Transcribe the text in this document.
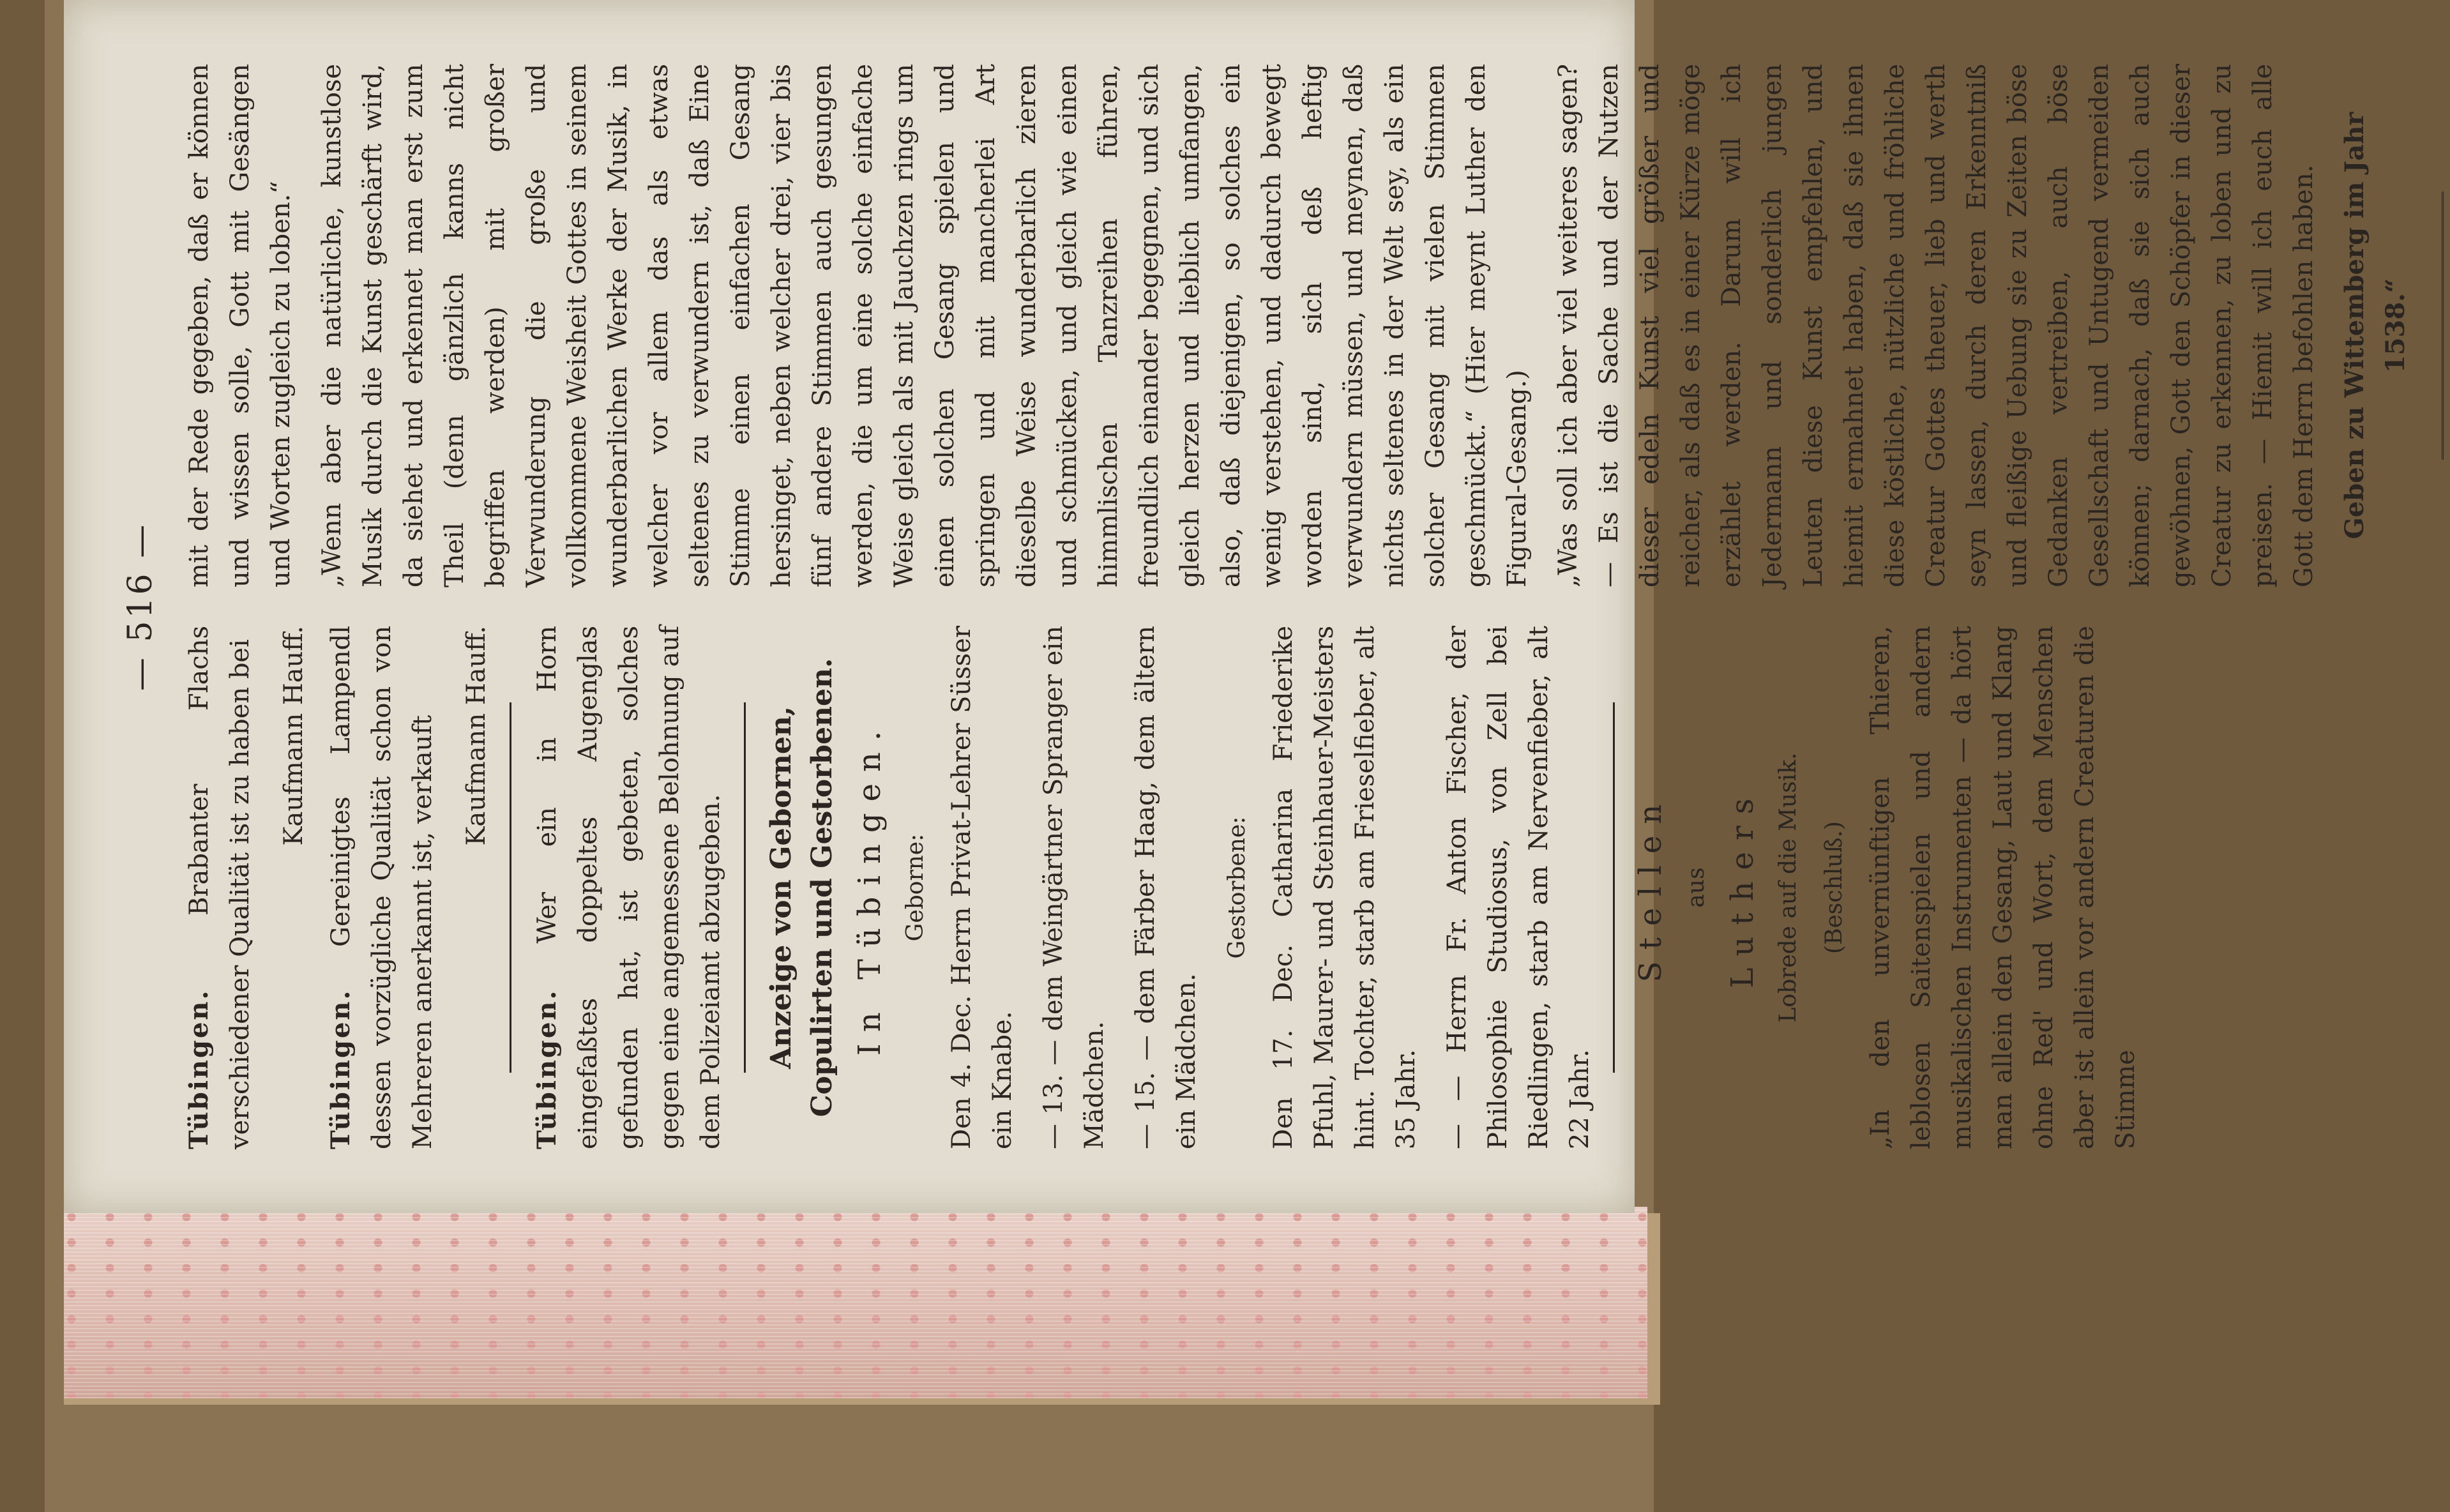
— 516 —

Tübingen. Brabanter Flachs verschiedener Qualität ist zu haben bei Kaufmann Hauff.

Tübingen. Gereinigtes Lampendl dessen vorzügliche Qualität schon von Mehreren anerkannt ist, verkauft Kaufmann Hauff.

Tübingen. Wer ein in Horn eingefaßtes doppeltes Augenglas gefunden hat, ist gebeten, solches gegen eine angemessene Belohnung auf dem Polizeiamt abzugeben. Anzeige von Gebornen, Copulirten und Gestorbenen. In Tübingen. Geborne: Den 4. Dec. Herrn Privat-Lehrer Süsser ein Knabe. — 13. — dem Weingärtner Spranger ein Mädchen. — 15. — dem Färber Haag, dem ältern ein Mädchen.

Gestorbene: Den 17. Dec. Catharina Friederike Pfuhl, Maurer- und Steinhauer-Meisters hint. Tochter, starb am Frieselfieber, alt 35 Jahr. — — Herrn Fr. Anton Fischer, der Philosophie Studiosus, von Zell bei Riedlingen, starb am Nervenfieber, alt 22 Jahr.

Stellen aus Luthers Lobrede auf die Musik. (Beschluß.) „In den unvernünftigen Thieren, leblosen Saitenspielen und andern musikalischen Instrumenten — da hört man allein den Gesang, Laut und Klang ohne Red' und Wort, dem Menschen aber ist allein vor andern Creaturen die Stimme

mit der Rede gegeben, daß er können und wissen solle, Gott mit Gesängen und Worten zugleich zu loben.“ „Wenn aber die natürliche, kunstlose Musik durch die Kunst geschärft wird, da siehet und erkennet man erst zum Theil (denn gänzlich kanns nicht begriffen werden) mit großer Verwunderung die große und vollkommene Weisheit Gottes in seinem wunderbarlichen Werke der Musik, in welcher vor allem das als etwas seltenes zu verwundern ist, daß Eine Stimme einen einfachen Gesang hersinget, neben welcher drei, vier bis fünf andere Stimmen auch gesungen werden, die um eine solche einfache Weise gleich als mit Jauchzen rings um einen solchen Gesang spielen und springen und mit mancherlei Art dieselbe Weise wunderbarlich zieren und schmücken, und gleich wie einen himmlischen Tanzreihen führen, freundlich einander begegnen, und sich gleich herzen und lieblich umfangen, also, daß diejenigen, so solches ein wenig verstehen, und dadurch bewegt worden sind, sich deß heftig verwundern müssen, und meynen, daß nichts seltenes in der Welt sey, als ein solcher Gesang mit vielen Stimmen geschmückt.“ (Hier meynt Luther den Figural-Gesang.) „Was soll ich aber viel weiteres sagen? — Es ist die Sache und der Nutzen dieser edeln Kunst viel größer und reicher, als daß es in einer Kürze möge erzählet werden. Darum will ich Jedermann und sonderlich jungen Leuten diese Kunst empfehlen, und hiemit ermahnet haben, daß sie ihnen diese köstliche, nützliche und fröhliche Creatur Gottes theuer, lieb und werth seyn lassen, durch deren Erkenntniß und fleißige Uebung sie zu Zeiten böse Gedanken vertreiben, auch böse Gesellschaft und Untugend vermeiden können; darnach, daß sie sich auch gewöhnen, Gott den Schöpfer in dieser Creatur zu erkennen, zu loben und zu preisen. — Hiemit will ich euch alle Gott dem Herrn befohlen haben. Geben zu Wittemberg im Jahr 1538.“
